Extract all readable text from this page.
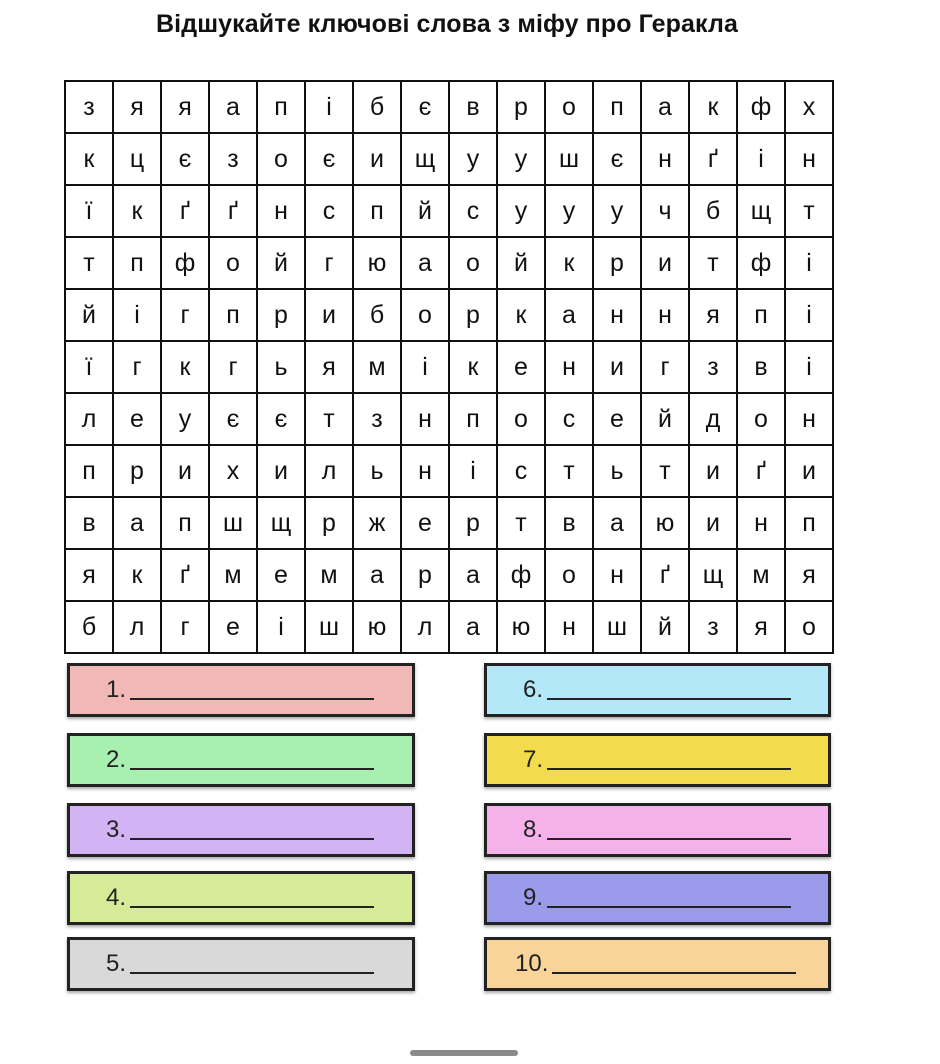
Відшукайте ключові слова з міфу про Геракла
з	я	я	а	п	і	б	є	в	р	о	п	а	к	ф	х
к	ц	є	з	о	є	и	щ	у	у	ш	є	н	ґ	і	н
ї	к	ґ	ґ	н	с	п	й	с	у	у	у	ч	б	щ	т
т	п	ф	о	й	г	ю	а	о	й	к	р	и	т	ф	і
й	і	г	п	р	и	б	о	р	к	а	н	н	я	п	і
ї	г	к	г	ь	я	м	і	к	е	н	и	г	з	в	і
л	е	у	є	є	т	з	н	п	о	с	е	й	д	о	н
п	р	и	х	и	л	ь	н	і	с	т	ь	т	и	ґ	и
в	а	п	ш	щ	р	ж	е	р	т	в	а	ю	и	н	п
я	к	ґ	м	е	м	а	р	а	ф	о	н	ґ	щ	м	я
б	л	г	е	і	ш	ю	л	а	ю	н	ш	й	з	я	о
1.
2.
3.
4.
5.
6.
7.
8.
9.
10.
